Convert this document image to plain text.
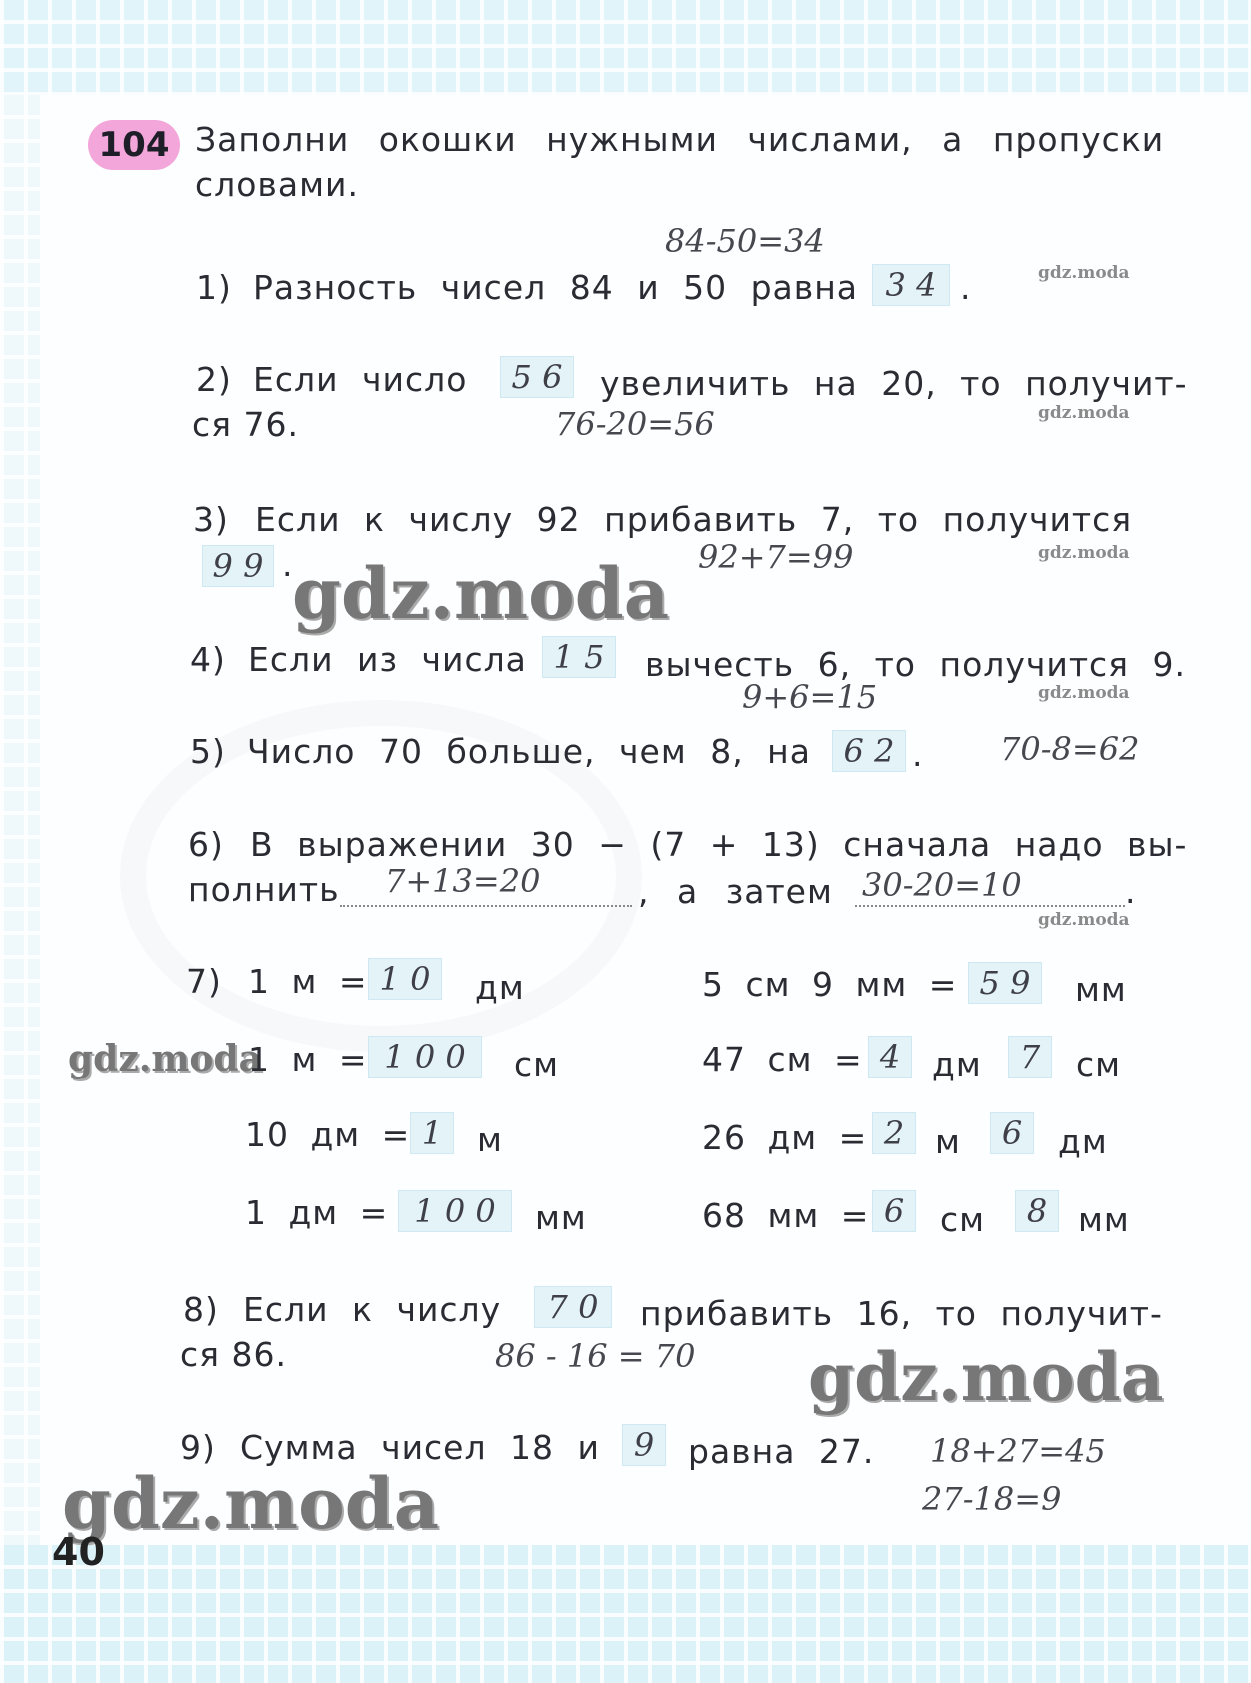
104 Заполни окошки нужными числами, а пропуски
словами.
84-50=34
1) Разность чисел 84 и 50 равна 3 4 .	gdz.moda
2) Если число	5 6	увеличить на 20, то получит-
ся 76.	76-20=56	gdz.moda
3) Если к числу 92 прибавить 7, то получится
9 9 .	92+7=99	gdz.moda
gdz.moda
4) Если из числа 1 5	вычесть 6, то получится 9.
9+6=15	gdz.moda
5) Число 70 больше, чем 8, на	6 2 . 70-8=62
6) В выражении 30 − (7 + 13) сначала надо вы-
полнить 7+13=20	, а затем 30-20=10	.
gdz.moda
7) 1 м = 1 0	дм
gdz.moda
1 м = 1 0 0	см
10 дм = 1	м
1 дм = 1 0 0	мм
5 см 9 мм = 5 9	мм
47 см = 4 дм	7	см
26 дм = 2 м	6	дм
68 мм = 6	см	8 мм
8) Если к числу	7 0	прибавить 16, то получит-
ся 86.	86 - 16 = 70 gdz.moda
9) Сумма чисел 18 и	9	равна 27. 18+27=45
27-18=9
gdz.moda
40
